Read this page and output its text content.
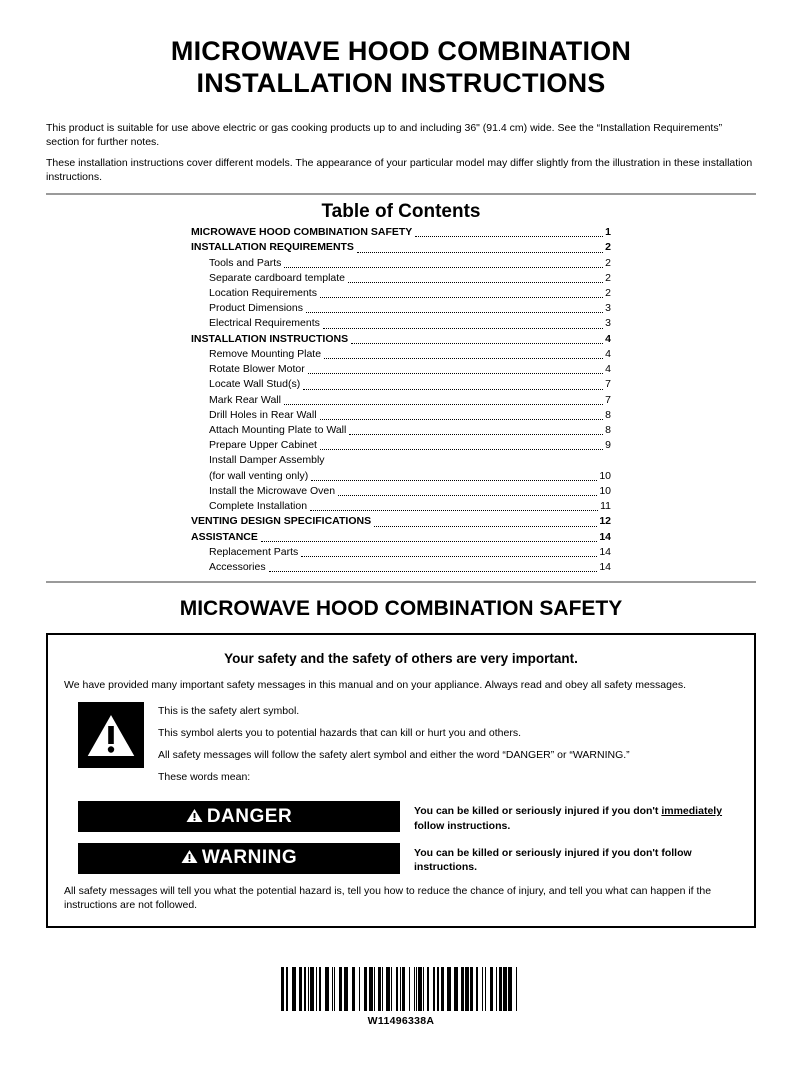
MICROWAVE HOOD COMBINATION
INSTALLATION INSTRUCTIONS

This product is suitable for use above electric or gas cooking products up to and including 36" (91.4 cm) wide. See the “Installation Requirements” section for further notes.

These installation instructions cover different models. The appearance of your particular model may differ slightly from the illustration in these installation instructions.

Table of Contents
MICROWAVE HOOD COMBINATION SAFETY	1
INSTALLATION REQUIREMENTS	2
Tools and Parts	2
Separate cardboard template	2
Location Requirements	2
Product Dimensions	3
Electrical Requirements	3
INSTALLATION INSTRUCTIONS	4
Remove Mounting Plate	4
Rotate Blower Motor	4
Locate Wall Stud(s)	7
Mark Rear Wall	7
Drill Holes in Rear Wall	8
Attach Mounting Plate to Wall	8
Prepare Upper Cabinet	9
Install Damper Assembly
(for wall venting only)	10
Install the Microwave Oven	10
Complete Installation	11
VENTING DESIGN SPECIFICATIONS	12
ASSISTANCE	14
Replacement Parts	14
Accessories	14
MICROWAVE HOOD COMBINATION SAFETY
Your safety and the safety of others are very important.
We have provided many important safety messages in this manual and on your appliance. Always read and obey all safety messages.

This is the safety alert symbol.

This symbol alerts you to potential hazards that can kill or hurt you and others.

All safety messages will follow the safety alert symbol and either the word “DANGER” or “WARNING.”

These words mean:

DANGER	You can be killed or seriously injured if you don't immediately follow instructions.
WARNING	You can be killed or seriously injured if you don't follow instructions.
All safety messages will tell you what the potential hazard is, tell you how to reduce the chance of injury, and tell you what can happen if the instructions are not followed.
W11496338A
